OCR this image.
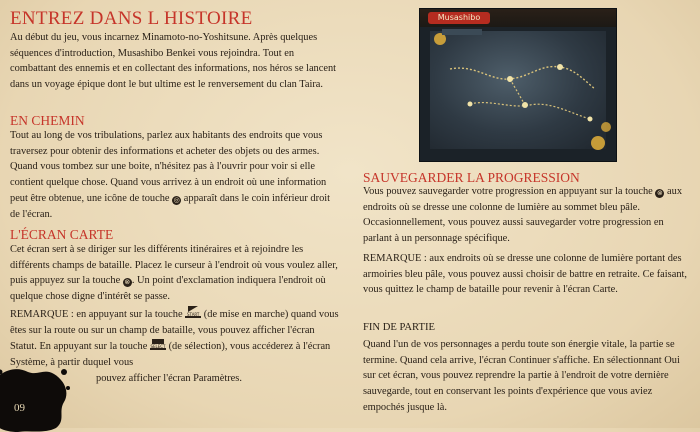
ENTREZ DANS L HISTOIRE

Au début du jeu, vous incarnez Minamoto-no-Yoshitsune. Après quelques séquences d'introduction, Musashibo Benkei vous rejoindra. Tout en combattant des ennemis et en collectant des informations, nos héros se lancent dans un voyage épique dont le but ultime est le renversement du clan Taira.

EN CHEMIN

Tout au long de vos tribulations, parlez aux habitants des endroits que vous traversez pour obtenir des informations et acheter des objets ou des armes. Quand vous tombez sur une boite, n'hésitez pas à l'ouvrir pour voir si elle contient quelque chose. Quand vous arrivez à un endroit où une information peut être obtenue, une icône de touche ◎ apparaît dans le coin inférieur droit de l'écran.

L'ÉCRAN CARTE

Cet écran sert à se diriger sur les différents itinéraires et à rejoindre les différents champs de bataille. Placez le curseur à l'endroit où vous voulez aller, puis appuyez sur la touche ⊗ . Un point d'exclamation indiquera l'endroit où quelque chose digne d'intérêt se passe.

REMARQUE : en appuyant sur la touche	START (de mise en marche) quand vous êtes sur la route ou sur un champ de bataille, vous pouvez afficher l'écran Statut. En appuyant sur la touche SELECT (de sélection), vous accéderez à l'écran Système, à partir duquel vous
pouvez afficher l'écran Paramètres.

09
Musashibo
SAUVEGARDER LA PROGRESSION

Vous pouvez sauvegarder votre progression en appuyant sur la touche ⊗ aux endroits où se dresse une colonne de lumière au sommet bleu pâle. Occasionnellement, vous pouvez aussi sauvegarder votre progression en parlant à un personnage spécifique.

REMARQUE : aux endroits où se dresse une colonne de lumière portant des armoiries bleu pâle, vous pouvez aussi choisir de battre en retraite. Ce faisant, vous quittez le champ de bataille pour revenir à l'écran Carte.

FIN DE PARTIE

Quand l'un de vos personnages a perdu toute son énergie vitale, la partie se termine. Quand cela arrive, l'écran Continuer s'affiche. En sélectionnant Oui sur cet écran, vous pouvez reprendre la partie à l'endroit de votre dernière sauvegarde, tout en conservant les points d'expérience que vous aviez empochés jusque là.
